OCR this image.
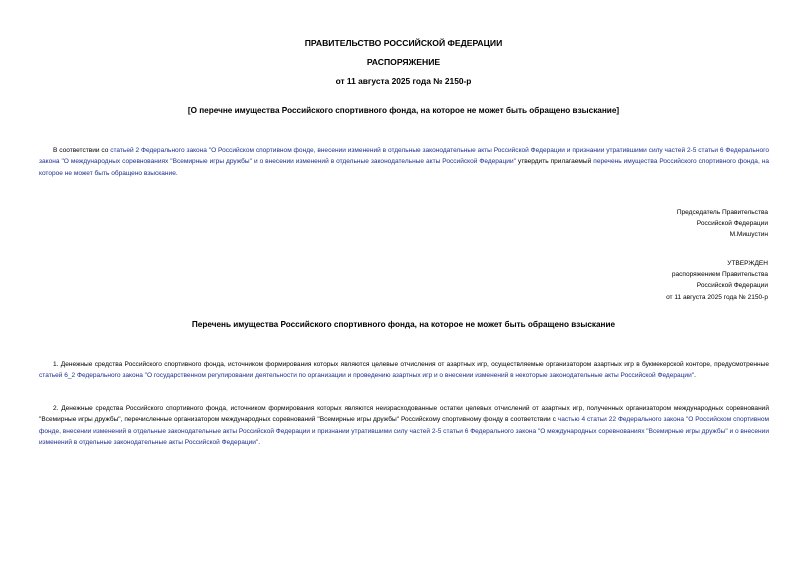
ПРАВИТЕЛЬСТВО РОССИЙСКОЙ ФЕДЕРАЦИИ
РАСПОРЯЖЕНИЕ
от 11 августа 2025 года № 2150-р
[О перечне имущества Российского спортивного фонда, на которое не может быть обращено взыскание]
В соответствии со статьей 2 Федерального закона "О Российском спортивном фонде, внесении изменений в отдельные законодательные акты Российской Федерации и признании утратившими силу частей 2-5 статьи 6 Федерального закона "О международных соревнованиях "Всемирные игры дружбы" и о внесении изменений в отдельные законодательные акты Российской Федерации" утвердить прилагаемый перечень имущества Российского спортивного фонда, на которое не может быть обращено взыскание.
Председатель Правительства
Российской Федерации
М.Мишустин
УТВЕРЖДЕН
распоряжением Правительства
Российской Федерации
от 11 августа 2025 года № 2150-р
Перечень имущества Российского спортивного фонда, на которое не может быть обращено взыскание
1. Денежные средства Российского спортивного фонда, источником формирования которых являются целевые отчисления от азартных игр, осуществляемые организатором азартных игр в букмекерской конторе, предусмотренные статьей 6_2 Федерального закона "О государственном регулировании деятельности по организации и проведению азартных игр и о внесении изменений в некоторые законодательные акты Российской Федерации".
2. Денежные средства Российского спортивного фонда, источником формирования которых являются неизрасходованные остатки целевых отчислений от азартных игр, полученных организатором международных соревнований "Всемирные игры дружбы", перечисленные организатором международных соревнований "Всемирные игры дружбы" Российскому спортивному фонду в соответствии с частью 4 статьи 22 Федерального закона "О Российском спортивном фонде, внесении изменений в отдельные законодательные акты Российской Федерации и признании утратившими силу частей 2-5 статьи 6 Федерального закона "О международных соревнованиях "Всемирные игры дружбы" и о внесении изменений в отдельные законодательные акты Российской Федерации".
